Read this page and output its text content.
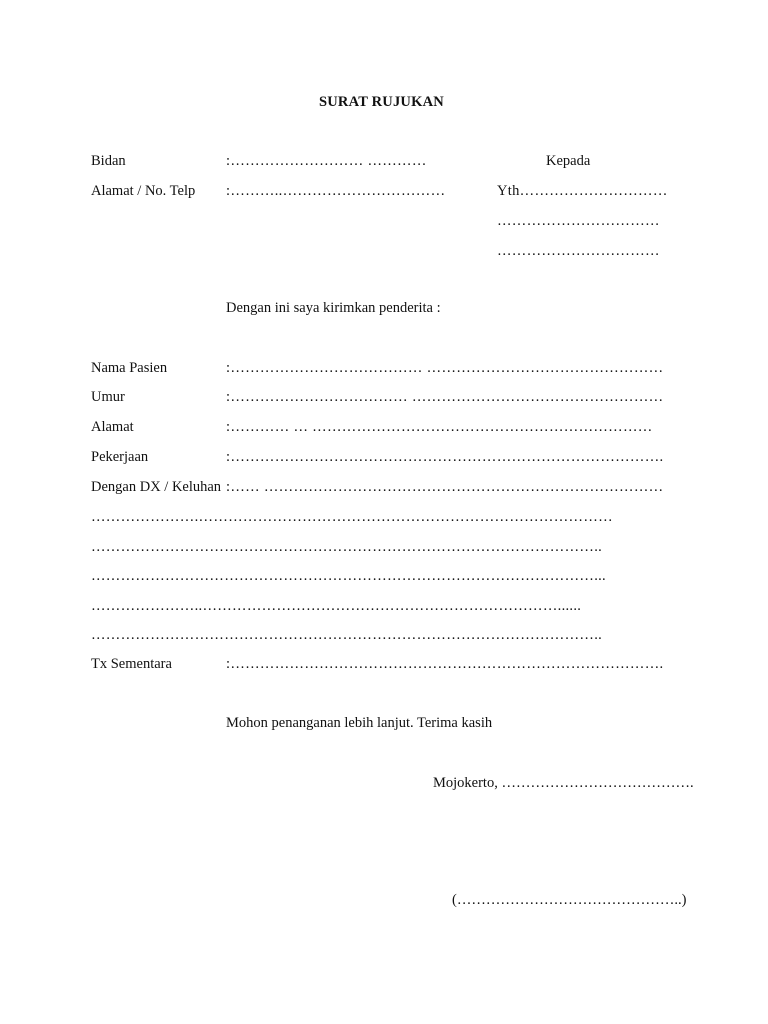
SURAT RUJUKAN
Bidan	:……………………… …………	Kepada
Alamat / No. Telp :………..……………………………	Yth…………………………
……………………………
……………………………
Dengan ini saya kirimkan penderita :
Nama Pasien	:………………………………… …………………………………………
Umur	:……………………………… ……………………………………………
Alamat	:………… … ……………………………………………………………
Pekerjaan	:…………………………………………………………………………….
Dengan DX / Keluhan :…… ………………………………………………………………………
………………….…………………………………………………………………………
…………………………………………………………………………………………..
…………………………………………………………………………………………...
…………………..………………………………………………………………......
…………………………………………………………………………………………..
Tx Sementara	:…………………………………………………………………………….
Mohon penanganan lebih lanjut. Terima kasih
Mojokerto, ………………………………….
(………………………………………..)
